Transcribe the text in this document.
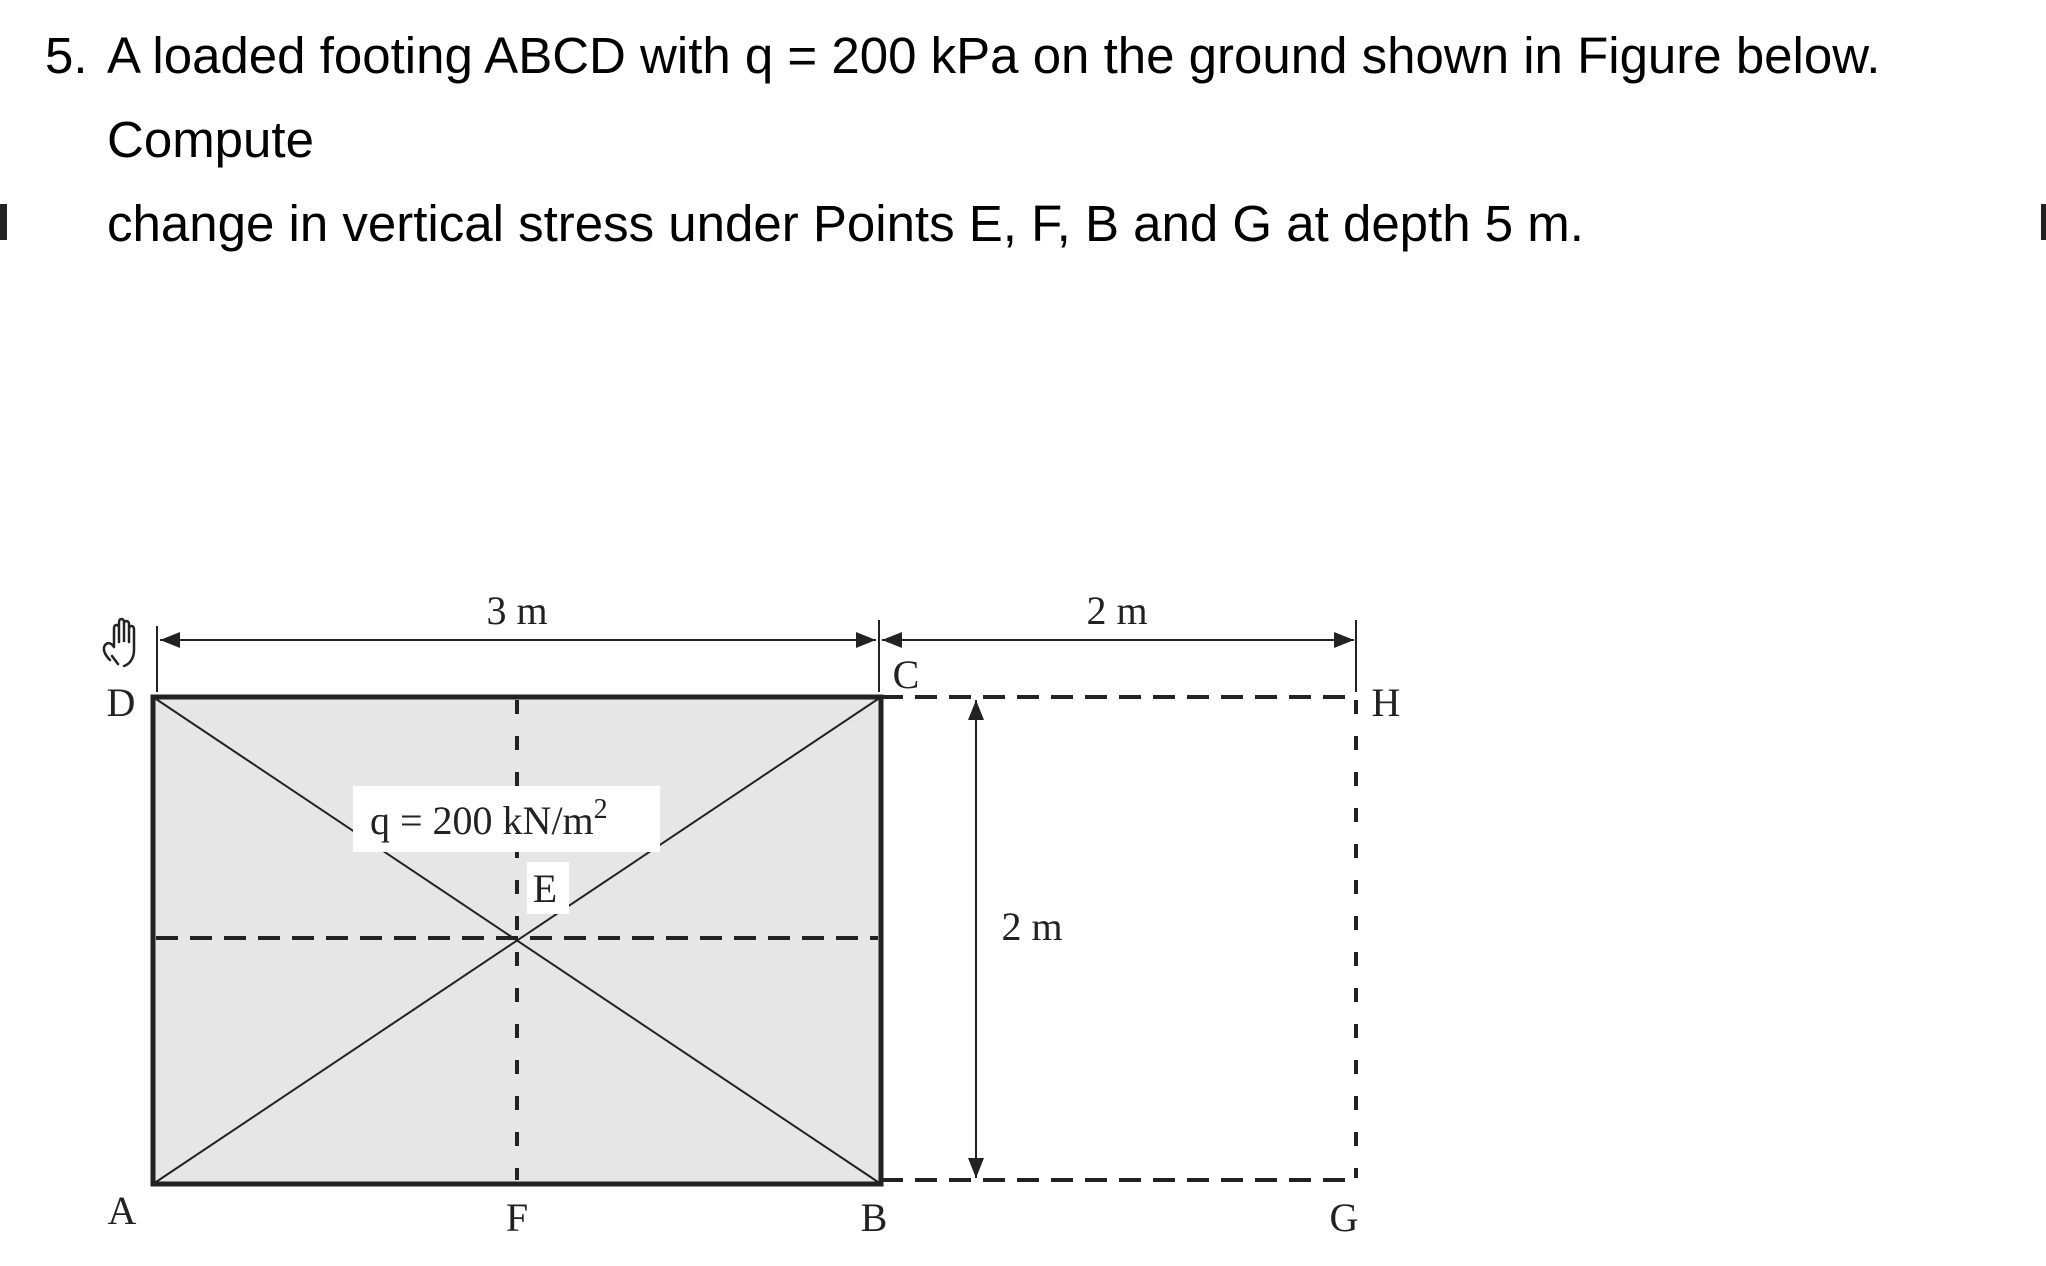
5. A loaded footing ABCD with q = 200 kPa on the ground shown in Figure below. Compute
change in vertical stress under Points E, F, B and G at depth 5 m.
3 m	2 m
2 m
q = 200 $kN/m^2$
A	B
C
D
E
F	G
H
